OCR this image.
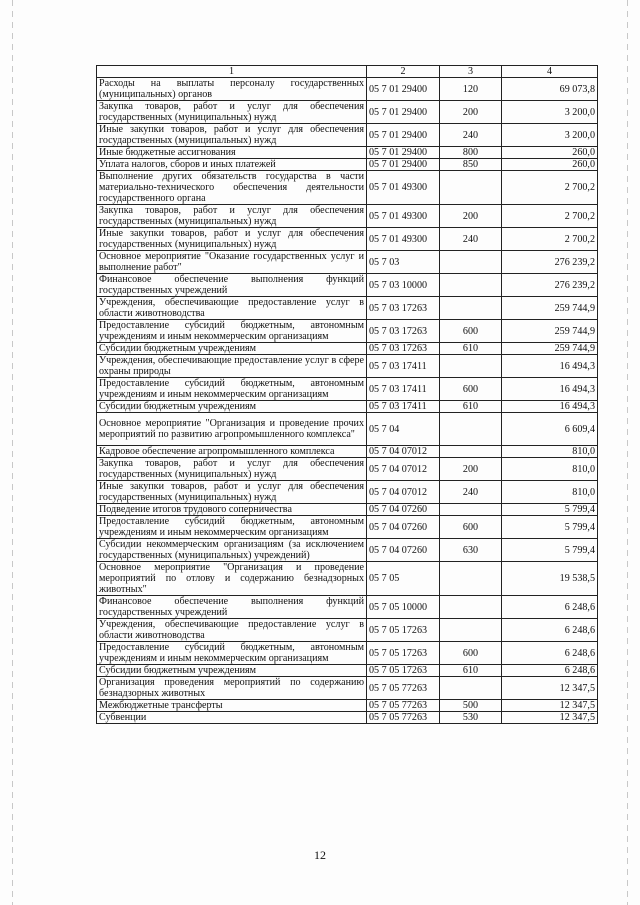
1	2	3	4
Расходы на выплаты персоналу государственных (муниципальных) органов	05 7 01 29400	120	69 073,8
Закупка товаров, работ и услуг для обеспечения государственных (муниципальных) нужд	05 7 01 29400	200	3 200,0
Иные закупки товаров, работ и услуг для обеспечения государственных (муниципальных) нужд	05 7 01 29400	240	3 200,0
Иные бюджетные ассигнования	05 7 01 29400	800	260,0
Уплата налогов, сборов и иных платежей	05 7 01 29400	850	260,0
Выполнение других обязательств государства в части материально-технического обеспечения деятельности государственного органа	05 7 01 49300		2 700,2
Закупка товаров, работ и услуг для обеспечения государственных (муниципальных) нужд	05 7 01 49300	200	2 700,2
Иные закупки товаров, работ и услуг для обеспечения государственных (муниципальных) нужд	05 7 01 49300	240	2 700,2
Основное мероприятие "Оказание государственных услуг и выполнение работ"	05 7 03		276 239,2
Финансовое обеспечение выполнения функций государственных учреждений	05 7 03 10000		276 239,2
Учреждения, обеспечивающие предоставление услуг в области животноводства	05 7 03 17263		259 744,9
Предоставление субсидий бюджетным, автономным учреждениям и иным некоммерческим организациям	05 7 03 17263	600	259 744,9
Субсидии бюджетным учреждениям	05 7 03 17263	610	259 744,9
Учреждения, обеспечивающие предоставление услуг в сфере охраны природы	05 7 03 17411		16 494,3
Предоставление субсидий бюджетным, автономным учреждениям и иным некоммерческим организациям	05 7 03 17411	600	16 494,3
Субсидии бюджетным учреждениям	05 7 03 17411	610	16 494,3
Основное мероприятие "Организация и проведение прочих мероприятий по развитию агропромышленного комплекса"	05 7 04		6 609,4
Кадровое обеспечение агропромышленного комплекса	05 7 04 07012		810,0
Закупка товаров, работ и услуг для обеспечения государственных (муниципальных) нужд	05 7 04 07012	200	810,0
Иные закупки товаров, работ и услуг для обеспечения государственных (муниципальных) нужд	05 7 04 07012	240	810,0
Подведение итогов трудового соперничества	05 7 04 07260		5 799,4
Предоставление субсидий бюджетным, автономным учреждениям и иным некоммерческим организациям	05 7 04 07260	600	5 799,4
Субсидии некоммерческим организациям (за исключением государственных (муниципальных) учреждений)	05 7 04 07260	630	5 799,4
Основное мероприятие "Организация и проведение мероприятий по отлову и содержанию безнадзорных животных"	05 7 05		19 538,5
Финансовое обеспечение выполнения функций государственных учреждений	05 7 05 10000		6 248,6
Учреждения, обеспечивающие предоставление услуг в области животноводства	05 7 05 17263		6 248,6
Предоставление субсидий бюджетным, автономным учреждениям и иным некоммерческим организациям	05 7 05 17263	600	6 248,6
Субсидии бюджетным учреждениям	05 7 05 17263	610	6 248,6
Организация проведения мероприятий по содержанию безнадзорных животных	05 7 05 77263		12 347,5
Межбюджетные трансферты	05 7 05 77263	500	12 347,5
Субвенции	05 7 05 77263	530	12 347,5
12
